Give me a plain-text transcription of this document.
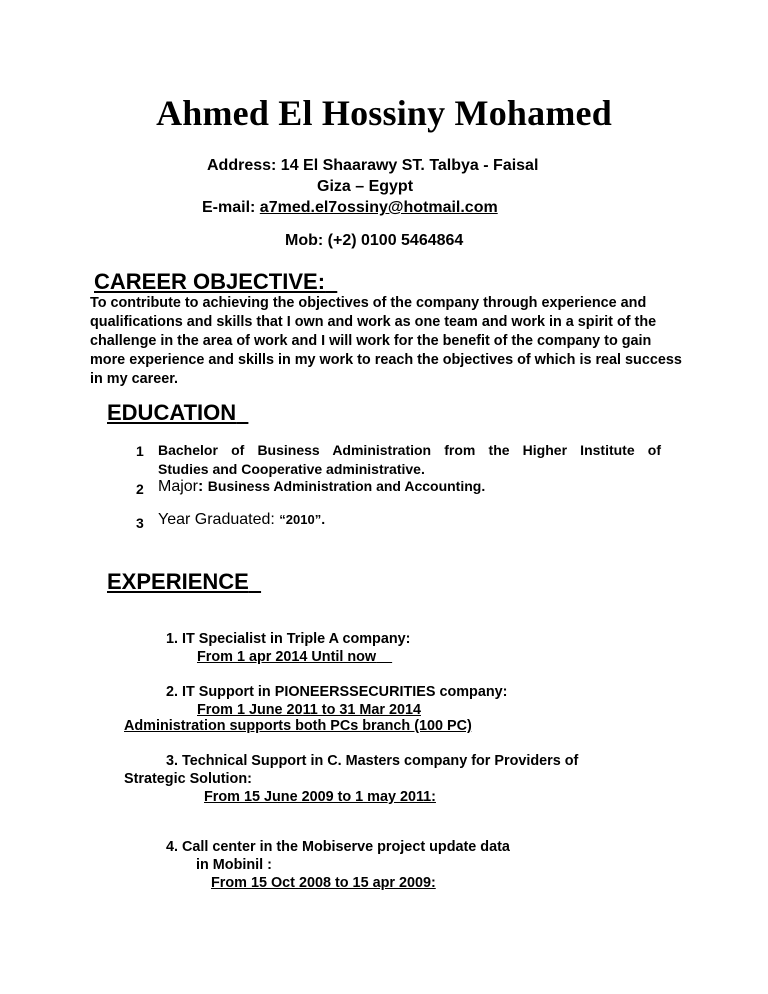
Ahmed El Hossiny Mohamed
Address: 14 El Shaarawy ST. Talbya - Faisal
Giza – Egypt
E-mail: a7med.el7ossiny@hotmail.com
Mob: (+2) 0100 5464864
CAREER OBJECTIVE:
To contribute to achieving the objectives of the company through experience and qualifications and skills that I own and work as one team and work in a spirit of the challenge in the area of work and I will work for the benefit of the company to gain more experience and skills in my work to reach the objectives of which is real success in my career.
EDUCATION
1 Bachelor of Business Administration from the Higher Institute of
Studies and Cooperative administrative.
2 Major: Business Administration and Accounting.
3 Year Graduated: “2010”.
EXPERIENCE
1. IT Specialist in Triple A company:
From 1 apr 2014 Until now
2. IT Support in PIONEERSSECURITIES company:
From 1 June 2011 to 31 Mar 2014
Administration supports both PCs branch (100 PC)
3. Technical Support in C. Masters company for Providers of
Strategic Solution:
From 15 June 2009 to 1 may 2011:
4. Call center in the Mobiserve project update data
in Mobinil :
From 15 Oct 2008 to 15 apr 2009:
